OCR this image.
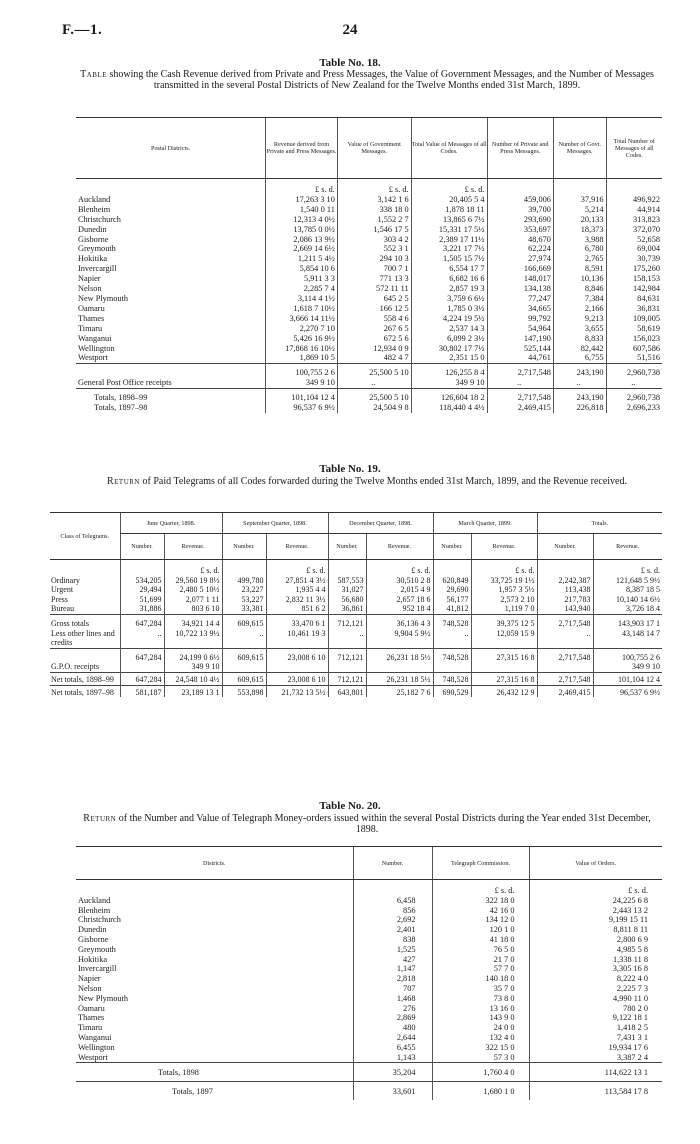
F.—1.	24
Table No. 18.
Table showing the Cash Revenue derived from Private and Press Messages, the Value of Government Messages, and the Number of Messages transmitted in the several Postal Districts of New Zealand for the Twelve Months ended 31st March, 1899.
Postal Districts.	Revenue derived from Private and Press Messages.	Value of Government Messages.	Total Value of Messages of all Codes.	Number of Private and Press Messages.	Number of Govt. Messages.	Total Number of Messages of all Codes.
	£ s. d.	£ s. d.	£ s. d.			
Auckland	17,263 3 10	3,142 1 6	20,405 5 4	459,006	37,916	496,922
Blenheim	1,540 0 11	338 18 0	1,878 18 11	39,700	5,214	44,914
Christchurch	12,313 4 0½	1,552 2 7	13,865 6 7½	293,690	20,133	313,823
Dunedin	13,785 0 0½	1,546 17 5	15,331 17 5½	353,697	18,373	372,070
Gisborne	2,086 13 9½	303 4 2	2,389 17 11½	48,670	3,988	52,658
Greymouth	2,669 14 6½	552 3 1	3,221 17 7½	62,224	6,780	69,004
Hokitika	1,211 5 4½	294 10 3	1,505 15 7½	27,974	2,765	30,739
Invercargill	5,854 10 6	700 7 1	6,554 17 7	166,669	8,591	175,260
Napier	5,911 3 3	771 13 3	6,682 16 6	148,017	10,136	158,153
Nelson	2,285 7 4	572 11 11	2,857 19 3	134,138	8,846	142,984
New Plymouth	3,114 4 1½	645 2 5	3,759 6 6½	77,247	7,384	84,631
Oamaru	1,618 7 10½	166 12 5	1,785 0 3½	34,665	2,166	36,831
Thames	3,666 14 11½	558 4 6	4,224 19 5½	99,792	9,213	109,005
Timaru	2,270 7 10	267 6 5	2,537 14 3	54,964	3,655	58,619
Wanganui	5,426 16 9½	672 5 6	6,099 2 3½	147,190	8,833	156,023
Wellington	17,868 16 10½	12,934 0 9	30,802 17 7½	525,144	82,442	607,586
Westport	1,869 10 5	482 4 7	2,351 15 0	44,761	6,755	51,516
	100,755 2 6	25,500 5 10	126,255 8 4	2,717,548	243,190	2,960,738
General Post Office receipts	349 9 10	..	349 9 10	..	..	..
Totals, 1898–99	101,104 12 4	25,500 5 10	126,604 18 2	2,717,548	243,190	2,960,738
Totals, 1897–98	96,537 6 9½	24,504 9 8	118,440 4 4½	2,469,415	226,818	2,696,233
Table No. 19.
Return of Paid Telegrams of all Codes forwarded during the Twelve Months ended 31st March, 1899, and the Revenue received.
Class of Telegrams.	June Quarter, 1898.		September Quarter, 1898.		December Quarter, 1898.		March Quarter, 1899.		Totals.	
	Number.	Revenue.	Number.	Revenue.	Number.	Revenue.	Number.	Revenue.	Number.	Revenue.
		£ s. d.		£ s. d.		£ s. d.		£ s. d.		£ s. d.
Ordinary	534,205	29,560 19 8½	499,780	27,851 4 3½	587,553	30,510 2 8	620,849	33,725 19 1½	2,242,387	121,648 5 9½
Urgent	29,494	2,480 5 10½	23,227	1,935 4 4	31,027	2,015 4 9	29,690	1,957 3 5½	113,438	8,387 18 5
Press	51,699	2,077 1 11	53,227	2,832 11 3½	56,680	2,657 18 6	56,177	2,573 2 10	217,783	10,140 14 6½
Bureau	31,886	803 6 10	33,381	851 6 2	36,861	952 18 4	41,812	1,119 7 0	143,940	3,726 18 4
Gross totals	647,284	34,921 14 4	609,615	33,470 6 1	712,121	36,136 4 3	748,528	39,375 12 5	2,717,548	143,903 17 1
Less other lines and credits	..	10,722 13 9½	..	10,461 19 3	..	9,904 5 9½	..	12,059 15 9	..	43,148 14 7
	647,284	24,199 0 6½	609,615	23,008 6 10	712,121	26,231 18 5½	748,528	27,315 16 8	2,717,548	100,755 2 6
G.P.O. receipts		349 9 10								349 9 10
Net totals, 1898–99	647,284	24,548 10 4½	609,615	23,008 6 10	712,121	26,231 18 5½	748,528	27,315 16 8	2,717,548	101,104 12 4
Net totals, 1897–98	581,187	23,189 13 1	553,898	21,732 13 5½	643,801	25,182 7 6	690,529	26,432 12 9	2,469,415	96,537 6 9½
Table No. 20.
Return of the Number and Value of Telegraph Money-orders issued within the several Postal Districts during the Year ended 31st December, 1898.
Districts.	Number.	Telegraph Commission.	Value of Orders.
		£ s. d.	£ s. d.
Auckland	6,458	322 18 0	24,225 6 8
Blenheim	856	42 16 0	2,443 13 2
Christchurch	2,692	134 12 0	9,199 15 11
Dunedin	2,401	120 1 0	8,811 8 11
Gisborne	838	41 18 0	2,800 6 9
Greymouth	1,525	76 5 0	4,985 5 8
Hokitika	427	21 7 0	1,338 11 8
Invercargill	1,147	57 7 0	3,305 16 8
Napier	2,818	140 18 0	8,222 4 0
Nelson	707	35 7 0	2,225 7 3
New Plymouth	1,468	73 8 0	4,990 11 0
Oamaru	276	13 16 0	780 2 0
Thames	2,869	143 9 0	9,122 18 1
Timaru	480	24 0 0	1,418 2 5
Wanganui	2,644	132 4 0	7,431 3 1
Wellington	6,455	322 15 0	19,934 17 6
Westport	1,143	57 3 0	3,387 2 4
Totals, 1898	35,204	1,760 4 0	114,622 13 1
Totals, 1897	33,601	1,680 1 0	113,584 17 8
